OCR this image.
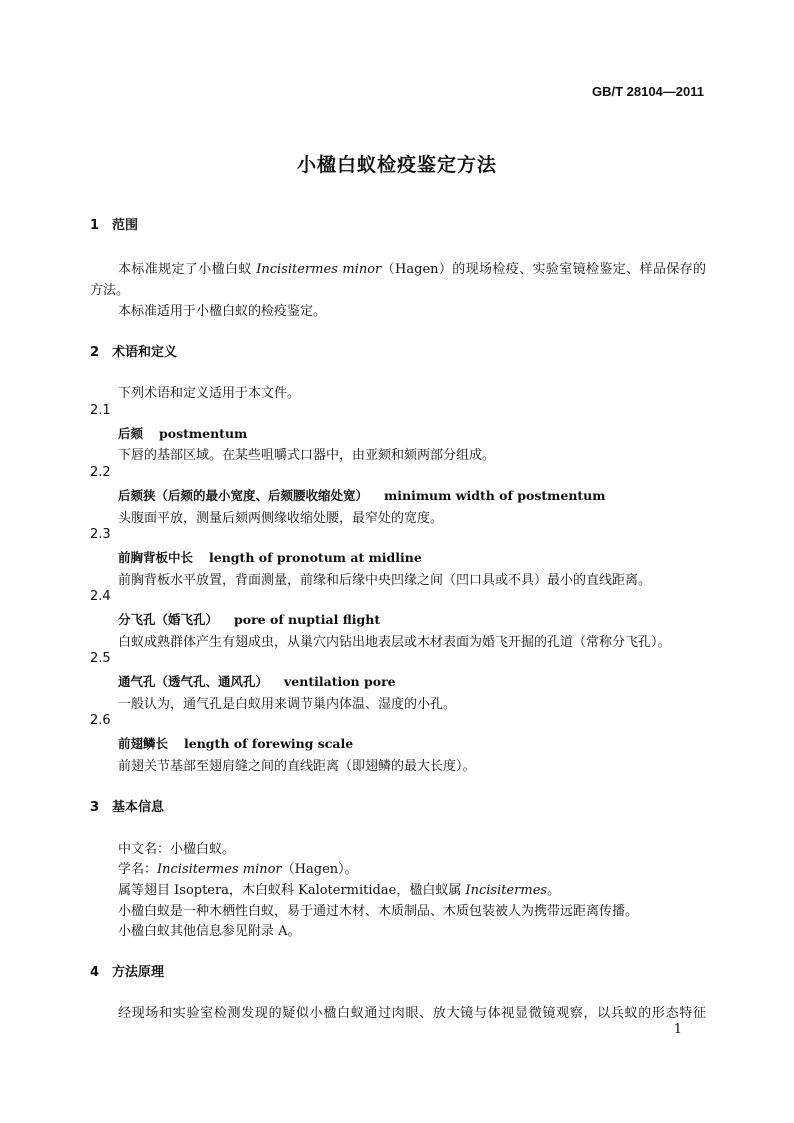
GB/T 28104—2011
小楹白蚁检疫鉴定方法
1 范围
本标准规定了小楹白蚁 Incisitermes minor（Hagen）的现场检疫、实验室镜检鉴定、样品保存的
方法。
本标准适用于小楹白蚁的检疫鉴定。
2 术语和定义
下列术语和定义适用于本文件。
2.1
后颏 postmentum
下唇的基部区域。在某些咀嚼式口器中，由亚颏和颏两部分组成。
2.2
后颏狭（后颏的最小宽度、后颏腰收缩处宽） minimum width of postmentum
头腹面平放，测量后颏两侧缘收缩处腰，最窄处的宽度。
2.3
前胸背板中长 length of pronotum at midline
前胸背板水平放置，背面测量，前缘和后缘中央凹缘之间（凹口具或不具）最小的直线距离。
2.4
分飞孔（婚飞孔） pore of nuptial flight
白蚁成熟群体产生有翅成虫，从巢穴内钻出地表层或木材表面为婚飞开掘的孔道（常称分飞孔）。
2.5
通气孔（透气孔、通风孔） ventilation pore
一般认为，通气孔是白蚁用来调节巢内体温、湿度的小孔。
2.6
前翅鳞长 length of forewing scale
前翅关节基部至翅肩缝之间的直线距离（即翅鳞的最大长度）。
3 基本信息
中文名：小楹白蚁。
学名：Incisitermes minor（Hagen）。
属等翅目 Isoptera，木白蚁科 Kalotermitidae，楹白蚁属 Incisitermes。
小楹白蚁是一种木栖性白蚁，易于通过木材、木质制品、木质包装被人为携带远距离传播。
小楹白蚁其他信息参见附录 A。
4 方法原理
经现场和实验室检测发现的疑似小楹白蚁通过肉眼、放大镜与体视显微镜观察，以兵蚁的形态特征
1
